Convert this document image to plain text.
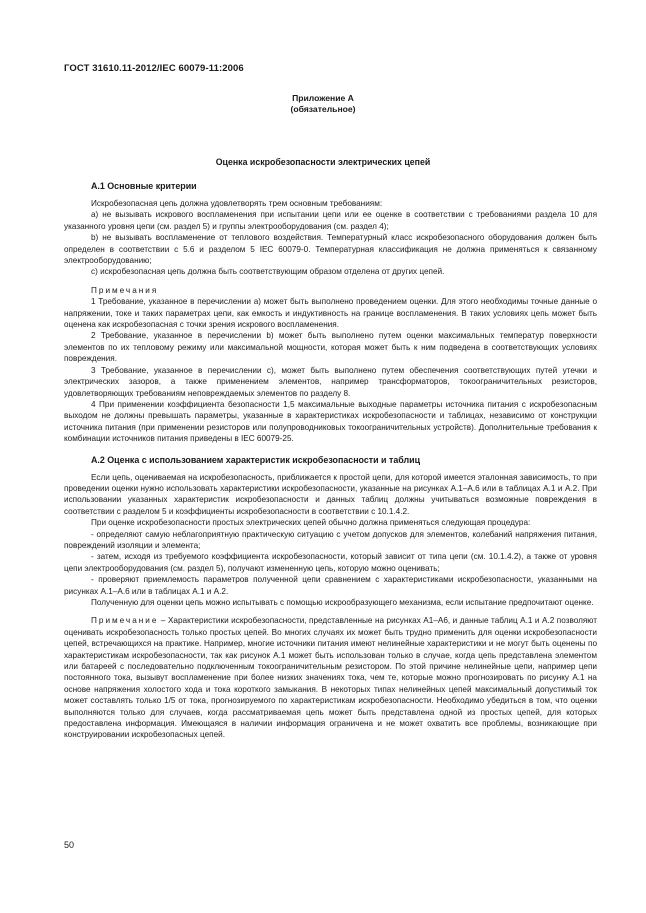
ГОСТ 31610.11-2012/IEC 60079-11:2006
Приложение А
(обязательное)
Оценка искробезопасности электрических цепей
А.1 Основные критерии

Искробезопасная цепь должна удовлетворять трем основным требованиям:

а) не вызывать искрового воспламенения при испытании цепи или ее оценке в соответствии с требованиями раздела 10 для указанного уровня цепи (см. раздел 5) и группы электрооборудования (см. раздел 4);

b) не вызывать воспламенение от теплового воздействия. Температурный класс искробезопасного оборудования должен быть определен в соответствии с 5.6 и разделом 5 IEC 60079-0. Температурная классификация не должна применяться к связанному электрооборудованию;

с) искробезопасная цепь должна быть соответствующим образом отделена от других цепей.

Примечания

1 Требование, указанное в перечислении а) может быть выполнено проведением оценки. Для этого необходимы точные данные о напряжении, токе и таких параметрах цепи, как емкость и индуктивность на границе воспламенения. В таких условиях цепь может быть оценена как искробезопасная с точки зрения искрового воспламенения.

2 Требование, указанное в перечислении b) может быть выполнено путем оценки максимальных температур поверхности элементов по их тепловому режиму или максимальной мощности, которая может быть к ним подведена в соответствующих условиях повреждения.

3 Требование, указанное в перечислении с), может быть выполнено путем обеспечения соответствующих путей утечки и электрических зазоров, а также применением элементов, например трансформаторов, токоограничительных резисторов, удовлетворяющих требованиям неповреждаемых элементов по разделу 8.

4 При применении коэффициента безопасности 1,5 максимальные выходные параметры источника питания с искробезопасным выходом не должны превышать параметры, указанные в характеристиках искробезопасности и таблицах, независимо от конструкции источника питания (при применении резисторов или полупроводниковых токоограничительных устройств). Дополнительные требования к комбинации источников питания приведены в IEC 60079-25.

А.2 Оценка с использованием характеристик искробезопасности и таблиц

Если цепь, оцениваемая на искробезопасность, приближается к простой цепи, для которой имеется эталонная зависимость, то при проведении оценки нужно использовать характеристики искробезопасности, указанные на рисунках А.1–А.6 или в таблицах А.1 и А.2. При использовании указанных характеристик искробезопасности и данных таблиц должны учитываться возможные повреждения в соответствии с разделом 5 и коэффициенты искробезопасности в соответствии с 10.1.4.2.

При оценке искробезопасности простых электрических цепей обычно должна применяться следующая процедура:

- определяют самую неблагоприятную практическую ситуацию с учетом допусков для элементов, колебаний напряжения питания, повреждений изоляции и элемента;

- затем, исходя из требуемого коэффициента искробезопасности, который зависит от типа цепи (см. 10.1.4.2), а также от уровня цепи электрооборудования (см. раздел 5), получают измененную цепь, которую можно оценивать;

- проверяют приемлемость параметров полученной цепи сравнением с характеристиками искробезопасности, указанными на рисунках А.1–А.6 или в таблицах А.1 и А.2.

Полученную для оценки цепь можно испытывать с помощью искрообразующего механизма, если испытание предпочитают оценке.

Примечание – Характеристики искробезопасности, представленные на рисунках А1–А6, и данные таблиц А.1 и А.2 позволяют оценивать искробезопасность только простых цепей. Во многих случаях их может быть трудно применить для оценки искробезопасности цепей, встречающихся на практике. Например, многие источники питания имеют нелинейные характеристики и не могут быть оценены по характеристикам искробезопасности, так как рисунок А.1 может быть использован только в случае, когда цепь представлена элементом или батареей с последовательно подключенным токоограничительным резистором. По этой причине нелинейные цепи, например цепи постоянного тока, вызывут воспламенение при более низких значениях тока, чем те, которые можно прогнозировать по рисунку А.1 на основе напряжения холостого хода и тока короткого замыкания. В некоторых типах нелинейных цепей максимальный допустимый ток может составлять только 1/5 от тока, прогнозируемого по характеристикам искробезопасности. Необходимо убедиться в том, что оценки выполняются только для случаев, когда рассматриваемая цепь может быть представлена одной из простых цепей, для которых предоставлена информация. Имеющаяся в наличии информация ограничена и не может охватить все проблемы, возникающие при конструировании искробезопасных цепей.

50
